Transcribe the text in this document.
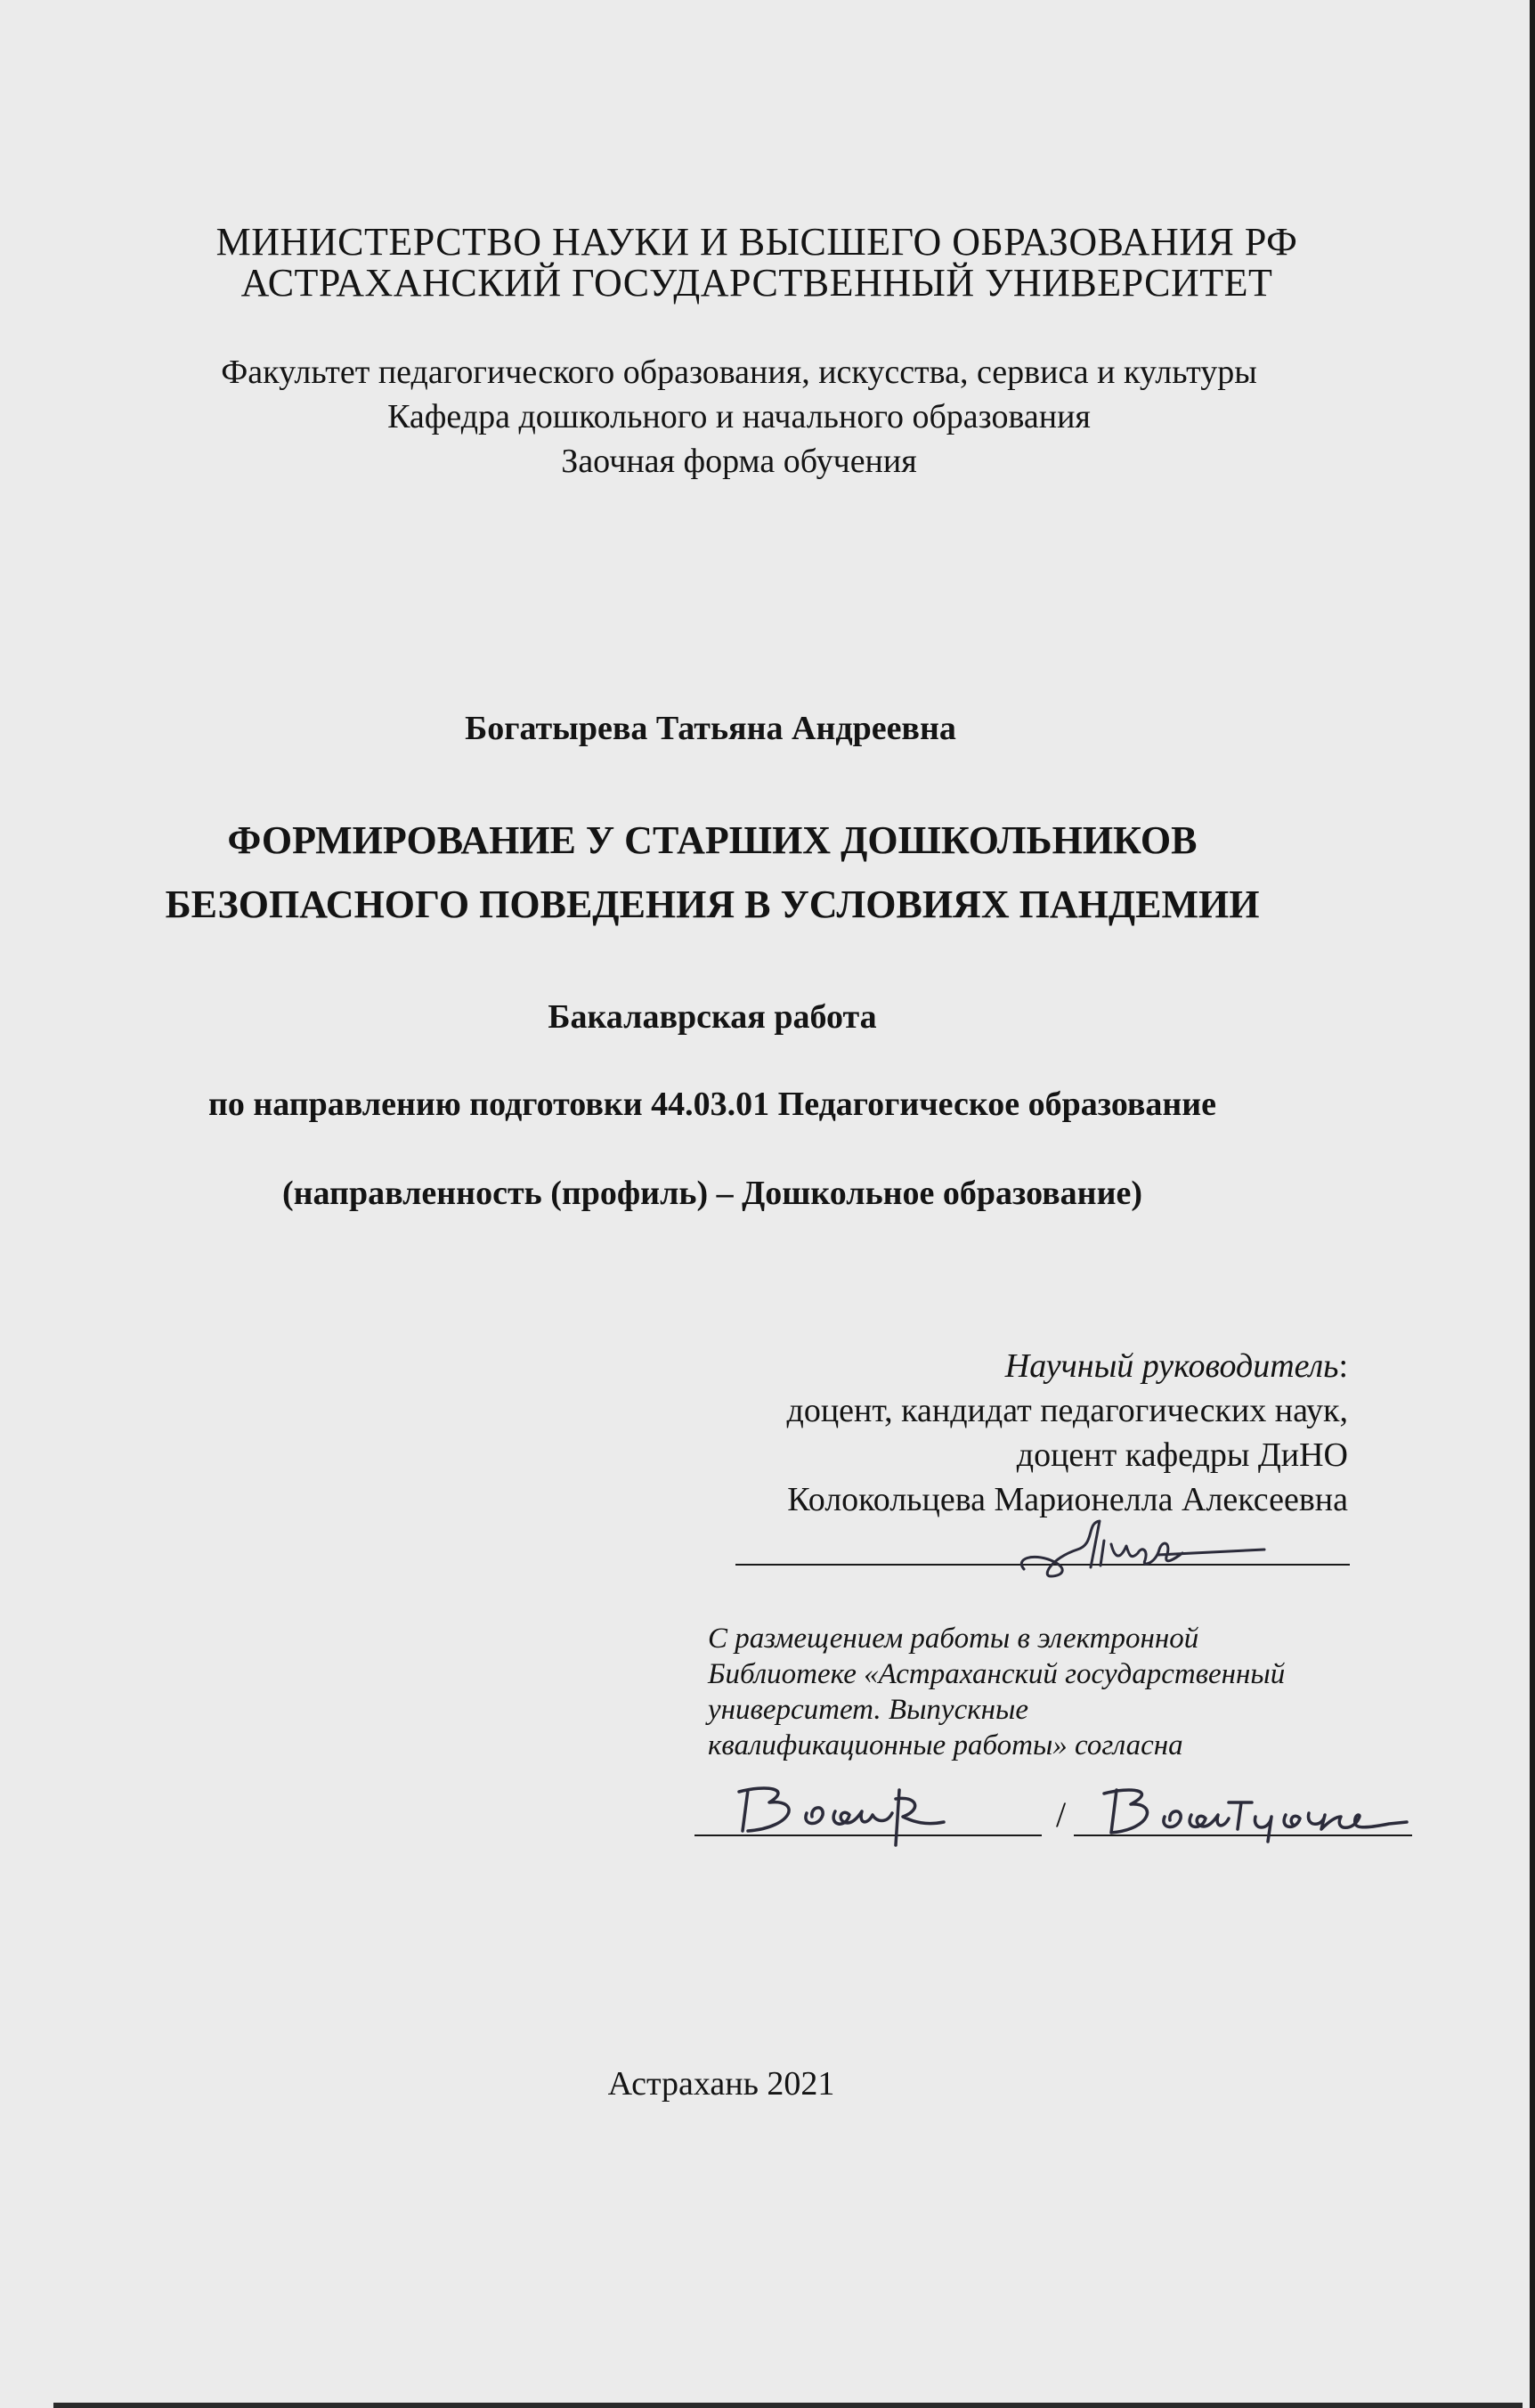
МИНИСТЕРСТВО НАУКИ И ВЫСШЕГО ОБРАЗОВАНИЯ РФ
АСТРАХАНСКИЙ ГОСУДАРСТВЕННЫЙ УНИВЕРСИТЕТ
Факультет педагогического образования, искусства, сервиса и культуры
Кафедра дошкольного и начального образования
Заочная форма обучения
Богатырева Татьяна Андреевна
ФОРМИРОВАНИЕ У СТАРШИХ ДОШКОЛЬНИКОВ
БЕЗОПАСНОГО ПОВЕДЕНИЯ В УСЛОВИЯХ ПАНДЕМИИ
Бакалаврская работа
по направлению подготовки 44.03.01 Педагогическое образование
(направленность (профиль) – Дошкольное образование)
Научный руководитель:
доцент, кандидат педагогических наук,
доцент кафедры ДиНО
Колокольцева Марионелла Алексеевна
С размещением работы в электронной
Библиотеке «Астраханский государственный
университет. Выпускные
квалификационные работы» согласна
/
Астрахань 2021
